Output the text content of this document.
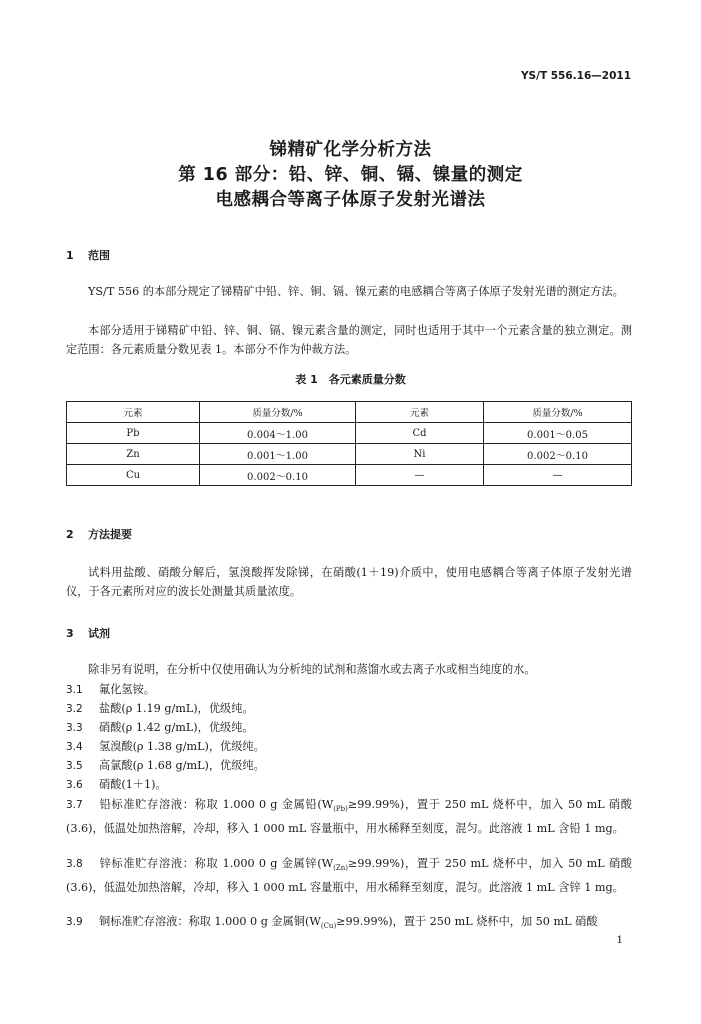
YS/T 556.16—2011
锑精矿化学分析方法
第 16 部分：铅、锌、铜、镉、镍量的测定
电感耦合等离子体原子发射光谱法
1 范围
YS/T 556 的本部分规定了锑精矿中铅、锌、铜、镉、镍元素的电感耦合等离子体原子发射光谱的测定方法。
本部分适用于锑精矿中铅、锌、铜、镉、镍元素含量的测定，同时也适用于其中一个元素含量的独立测定。测定范围：各元素质量分数见表 1。本部分不作为仲裁方法。
表 1　各元素质量分数
元素	质量分数/%	元素	质量分数/%
Pb	0.004～1.00	Cd	0.001～0.05
Zn	0.001～1.00	Ni	0.002～0.10
Cu	0.002～0.10	—	—
2 方法提要
试料用盐酸、硝酸分解后，氢溴酸挥发除锑，在硝酸(1＋19)介质中，使用电感耦合等离子体原子发射光谱仪，于各元素所对应的波长处测量其质量浓度。
3 试剂
除非另有说明，在分析中仅使用确认为分析纯的试剂和蒸馏水或去离子水或相当纯度的水。
3.1 氟化氢铵。
3.2 盐酸(ρ 1.19 g/mL)，优级纯。
3.3 硝酸(ρ 1.42 g/mL)，优级纯。
3.4 氢溴酸(ρ 1.38 g/mL)，优级纯。
3.5 高氯酸(ρ 1.68 g/mL)，优级纯。
3.6 硝酸(1＋1)。
3.7 铅标准贮存溶液：称取 1.000 0 g 金属铅$(W_{(Pb)}\ge 99.99\%)$，置于 250 mL 烧杯中，加入 50 mL 硝酸(3.6)，低温处加热溶解，冷却，移入 1 000 mL 容量瓶中，用水稀释至刻度，混匀。此溶液 1 mL 含铅 1 mg。
3.8 锌标准贮存溶液：称取 1.000 0 g 金属锌$(W_{(Zn)}\ge 99.99\%)$，置于 250 mL 烧杯中，加入 50 mL 硝酸(3.6)，低温处加热溶解，冷却，移入 1 000 mL 容量瓶中，用水稀释至刻度，混匀。此溶液 1 mL 含锌 1 mg。
3.9 铜标准贮存溶液：称取 1.000 0 g 金属铜$(W_{(Cu)}\ge 99.99\%)$，置于 250 mL 烧杯中，加 50 mL 硝酸
1
